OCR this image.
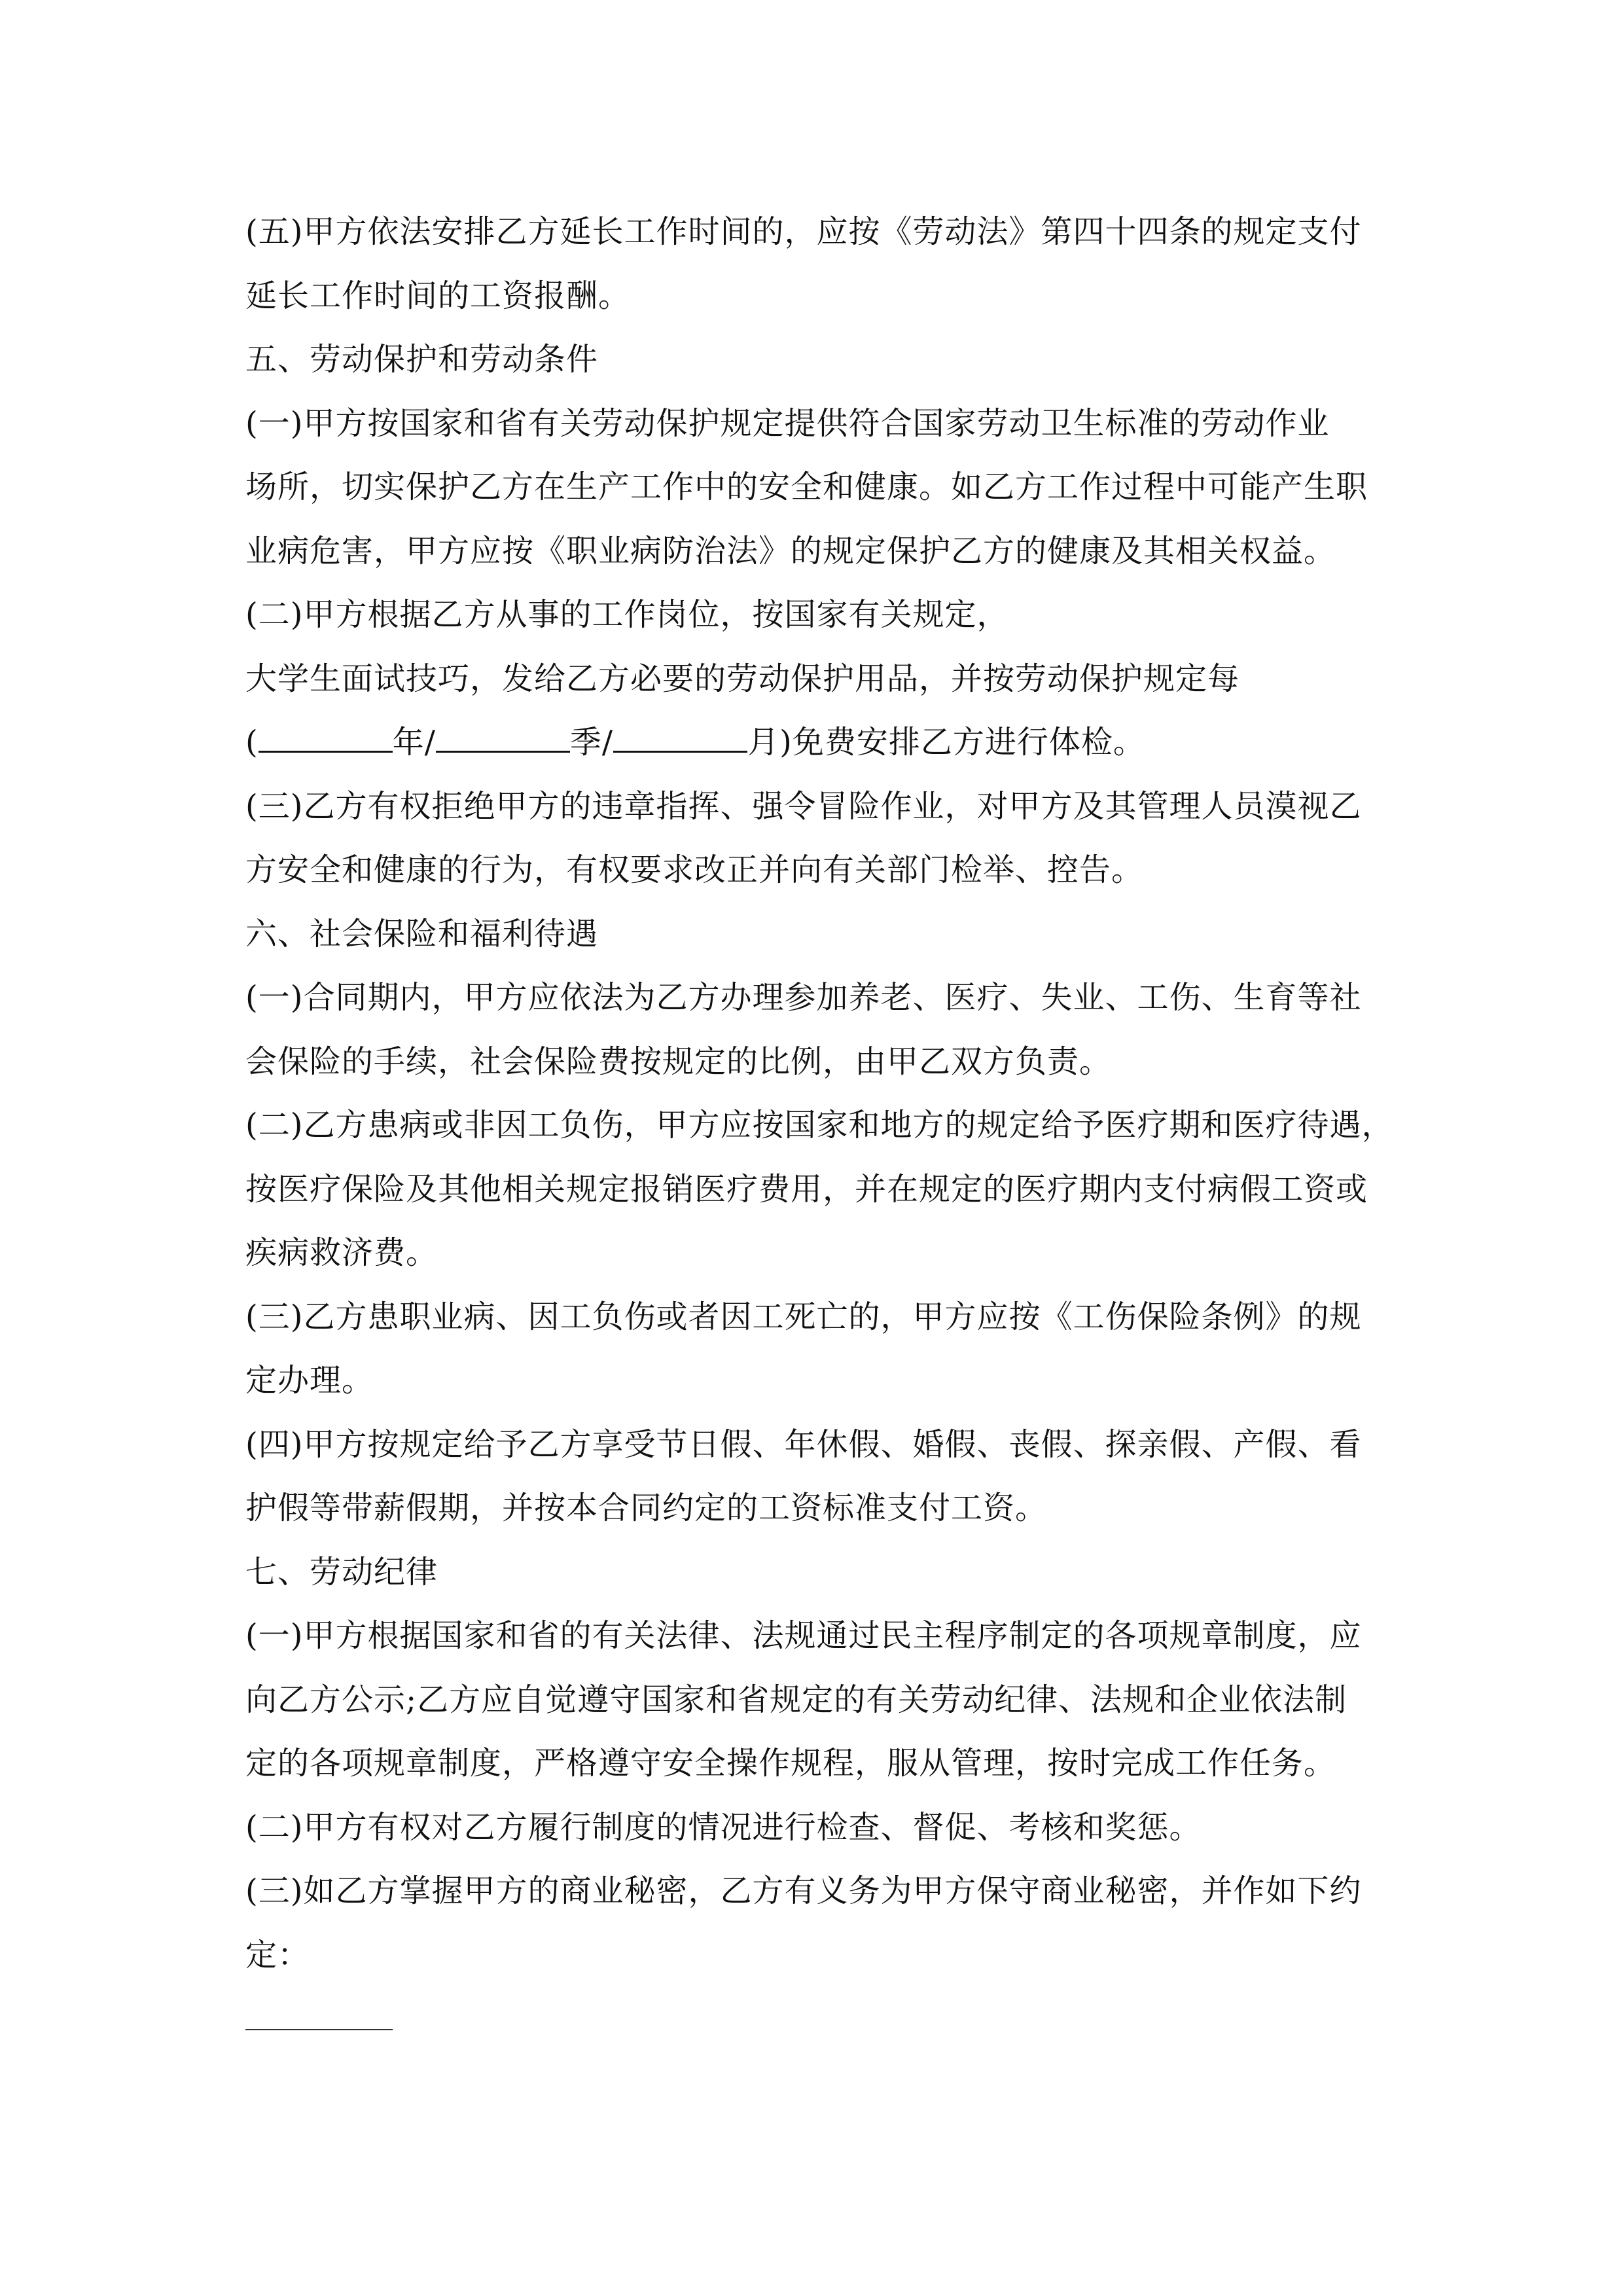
(五)甲方依法安排乙方延长工作时间的，应按《劳动法》第四十四条的规定支付
延长工作时间的工资报酬。
五、劳动保护和劳动条件
(一)甲方按国家和省有关劳动保护规定提供符合国家劳动卫生标准的劳动作业
场所，切实保护乙方在生产工作中的安全和健康。如乙方工作过程中可能产生职
业病危害，甲方应按《职业病防治法》的规定保护乙方的健康及其相关权益。
(二)甲方根据乙方从事的工作岗位，按国家有关规定，
大学生面试技巧，发给乙方必要的劳动保护用品，并按劳动保护规定每
(	年/	季/	月)免费安排乙方进行体检。
(三)乙方有权拒绝甲方的违章指挥、强令冒险作业，对甲方及其管理人员漠视乙
方安全和健康的行为，有权要求改正并向有关部门检举、控告。
六、社会保险和福利待遇
(一)合同期内，甲方应依法为乙方办理参加养老、医疗、失业、工伤、生育等社
会保险的手续，社会保险费按规定的比例，由甲乙双方负责。
(二)乙方患病或非因工负伤，甲方应按国家和地方的规定给予医疗期和医疗待遇，
按医疗保险及其他相关规定报销医疗费用，并在规定的医疗期内支付病假工资或
疾病救济费。
(三)乙方患职业病、因工负伤或者因工死亡的，甲方应按《工伤保险条例》的规
定办理。
(四)甲方按规定给予乙方享受节日假、年休假、婚假、丧假、探亲假、产假、看
护假等带薪假期，并按本合同约定的工资标准支付工资。
七、劳动纪律
(一)甲方根据国家和省的有关法律、法规通过民主程序制定的各项规章制度，应
向乙方公示;乙方应自觉遵守国家和省规定的有关劳动纪律、法规和企业依法制
定的各项规章制度，严格遵守安全操作规程，服从管理，按时完成工作任务。
(二)甲方有权对乙方履行制度的情况进行检查、督促、考核和奖惩。
(三)如乙方掌握甲方的商业秘密，乙方有义务为甲方保守商业秘密，并作如下约
定：
